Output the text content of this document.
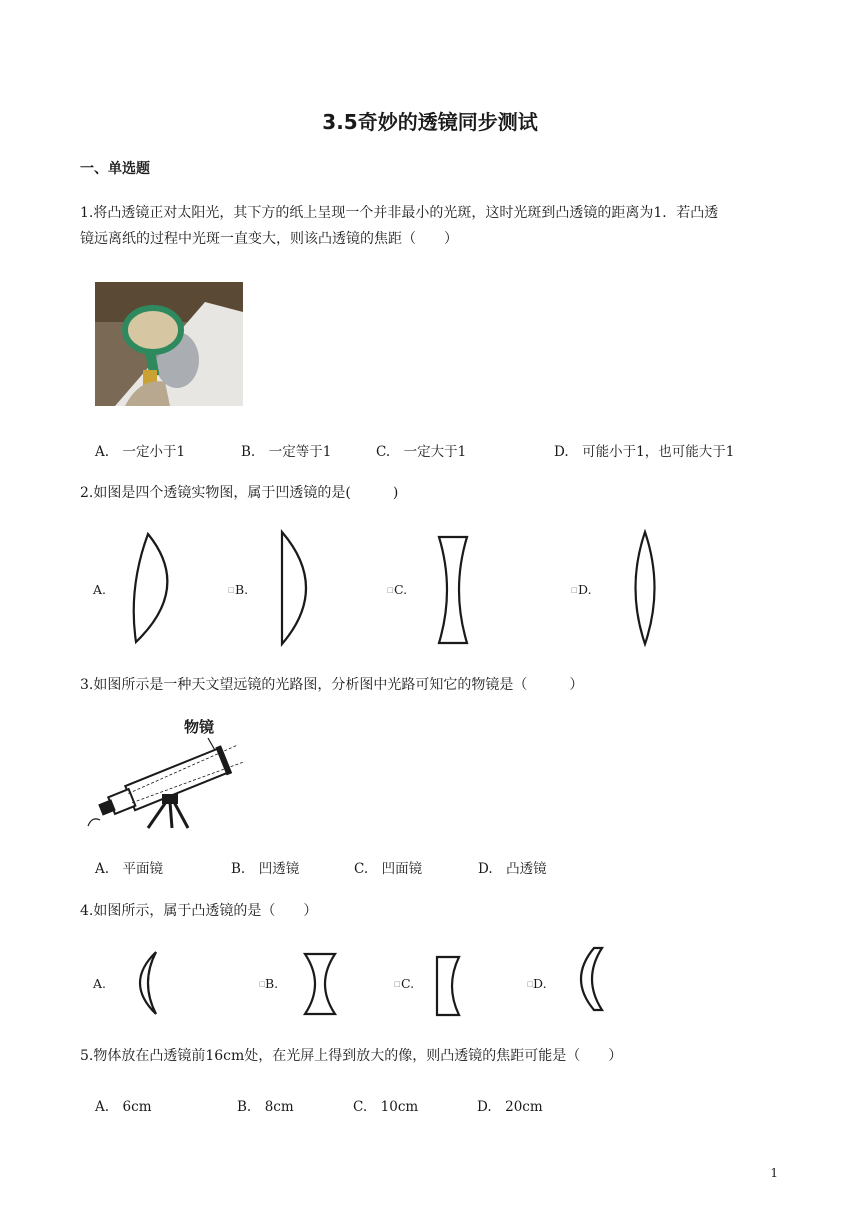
3.5奇妙的透镜同步测试
一、单选题
1.将凸透镜正对太阳光，其下方的纸上呈现一个并非最小的光斑，这时光斑到凸透镜的距离为1．若凸透
镜远离纸的过程中光斑一直变大，则该凸透镜的焦距（　　）
A.　一定小于1	B.　一定等于1	C.　一定大于1	D.　可能小于1，也可能大于1
2.如图是四个透镜实物图，属于凹透镜的是(　　　)
A.	□ B.	□ C.	□ D.
3.如图所示是一种天文望远镜的光路图，分析图中光路可知它的物镜是（　　　）
物镜
A.　平面镜	B.　凹透镜	C.　凹面镜	D.　凸透镜
4.如图所示，属于凸透镜的是（　　）
A.	□ B.	□ C.	□ D.
5.物体放在凸透镜前16cm处，在光屏上得到放大的像，则凸透镜的焦距可能是（　　）
A.　6cm	B.　8cm	C.　10cm	D.　20cm
1
